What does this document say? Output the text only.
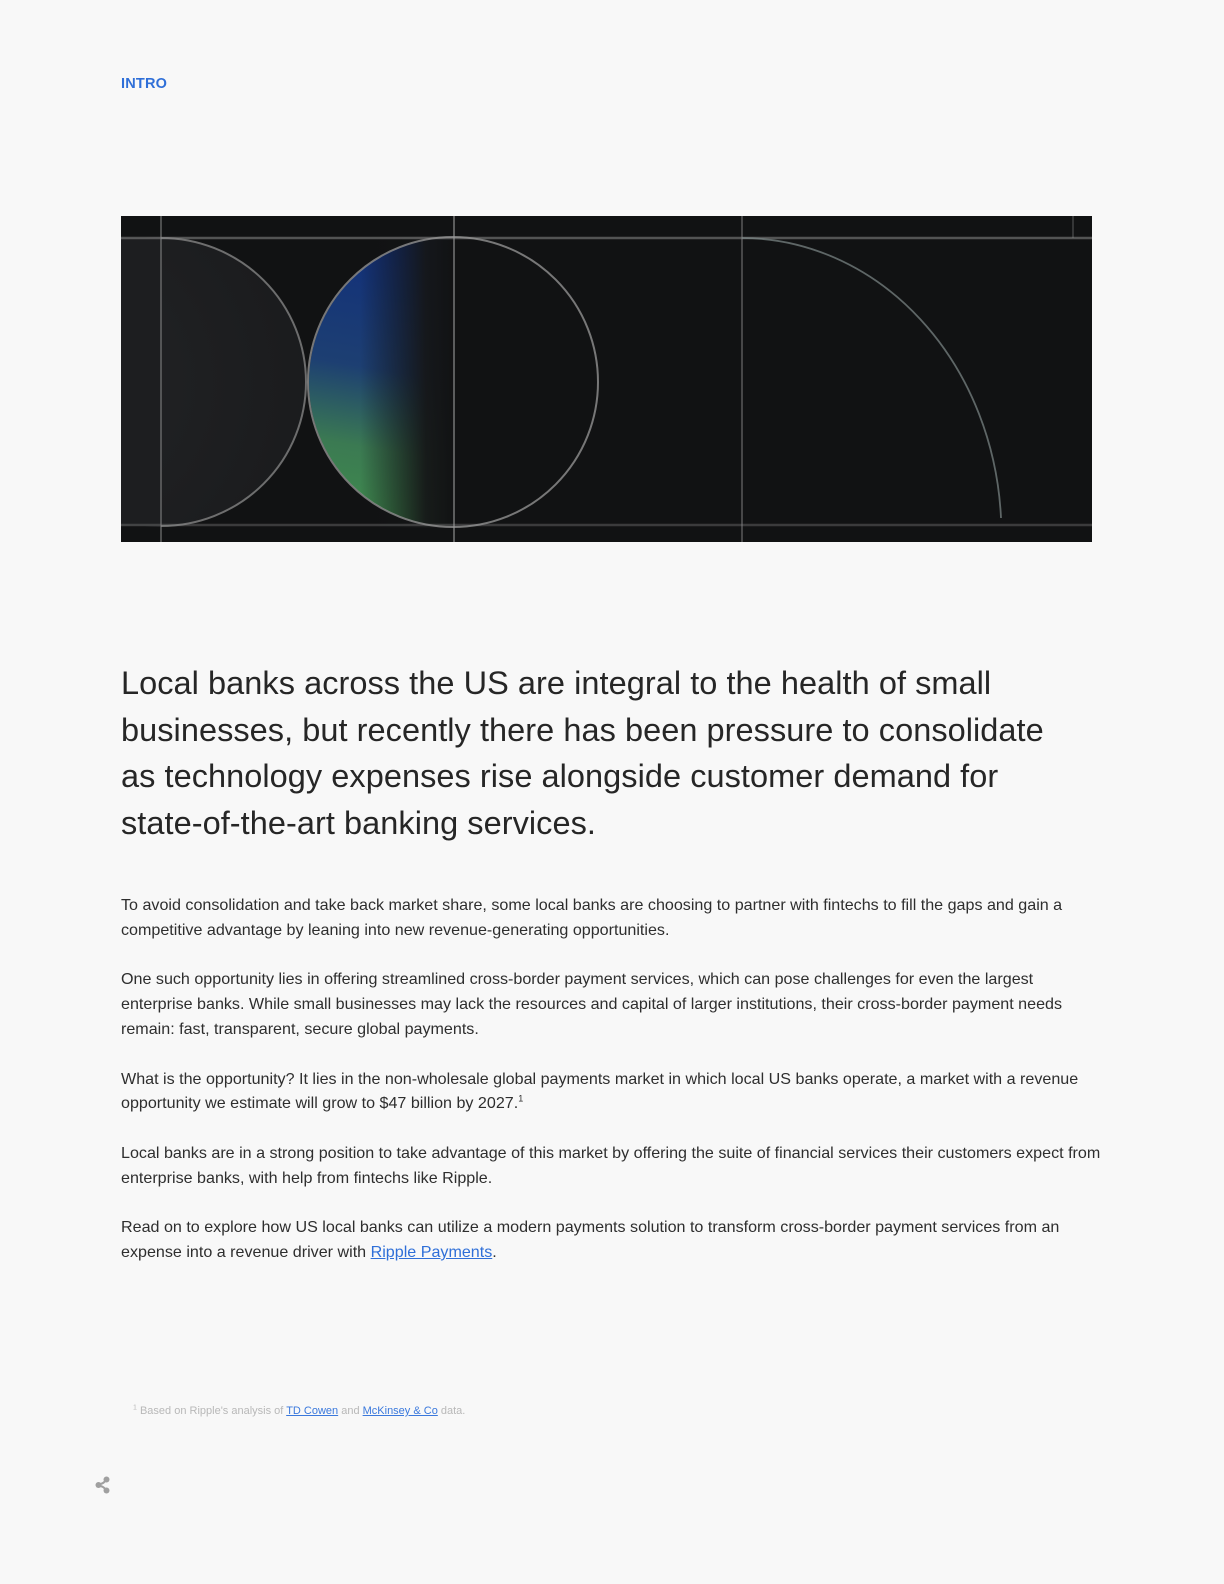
INTRO
Local banks across the US are integral to the health of small businesses, but recently there has been pressure to consolidate as technology expenses rise alongside customer demand for state-of-the-art banking services.

To avoid consolidation and take back market share, some local banks are choosing to partner with fintechs to fill the gaps and gain a competitive advantage by leaning into new revenue-generating opportunities.

One such opportunity lies in offering streamlined cross-border payment services, which can pose challenges for even the largest enterprise banks. While small businesses may lack the resources and capital of larger institutions, their cross-border payment needs remain: fast, transparent, secure global payments.

What is the opportunity? It lies in the non-wholesale global payments market in which local US banks operate, a market with a revenue opportunity we estimate will grow to $47 billion by 2027.$^1$

Local banks are in a strong position to take advantage of this market by offering the suite of financial services their customers expect from enterprise banks, with help from fintechs like Ripple.

Read on to explore how US local banks can utilize a modern payments solution to transform cross-border payment services from an expense into a revenue driver with Ripple Payments.

$^1$ Based on Ripple's analysis of TD Cowen and McKinsey & Co data.
